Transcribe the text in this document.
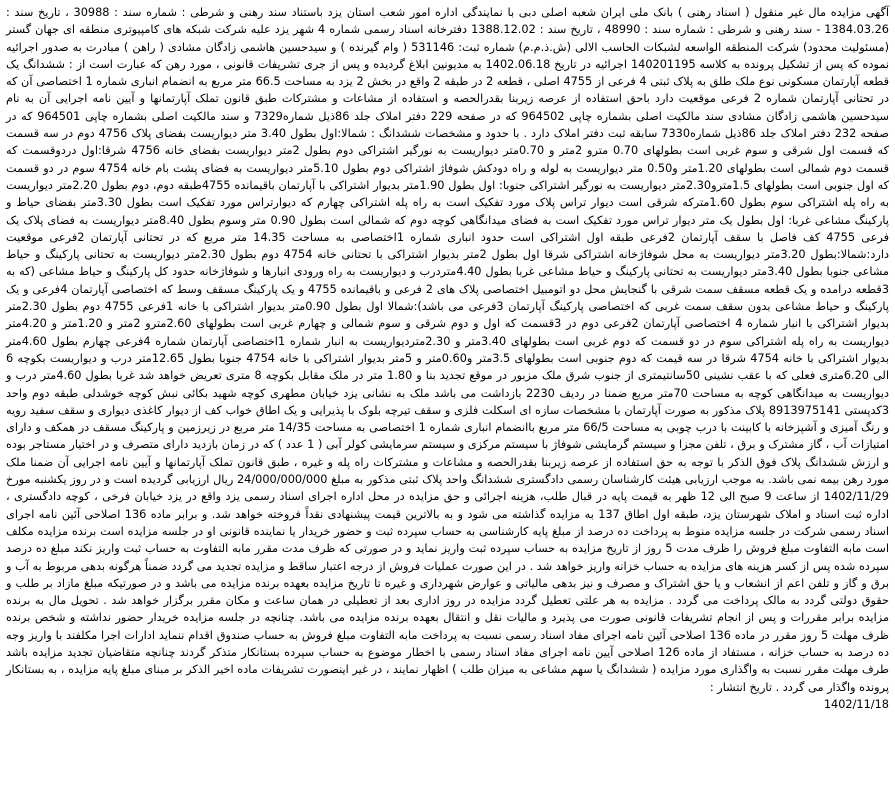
آگهی مزایده مال غیر منقول ( اسناد رهنی ) بانک ملی ایران شعبه اصلی دبی با نمایندگی اداره امور شعب استان یزد باستناد سند رهنی و شرطی : شماره سند : 30988 ، تاریخ سند : 1384.03.26 - سند رهنی و شرطی : شماره سند : 48990 ، تاریخ سند : 1388.12.02 دفترخانه اسناد رسمی شماره 4 شهر یزد علیه شرکت شبکه های کامپیوتری منطقه ای جهان گستر (مسئولیت محدود) شرکت المنطقه الواسعه لشبکات الحاسب الالی (ش.ذ.م.م) شماره ثبت: 531146 ( وام گیرنده ) و سیدحسین هاشمی زادگان مشادی ( راهن ) مبادرت به صدور اجرائیه نموده که پس از تشکیل پرونده به کلاسه 140201195 اجرائیه در تاریخ 1402.06.18 به مدیونین ابلاغ گردیده و پس از جری تشریفات قانونی ، مورد رهن که عبارت است از : ششدانگ یک قطعه آپارتمان مسکونی نوع ملک طلق به پلاک ثبتی 4 فرعی از 4755 اصلی ، قطعه 2 در طبقه 2 واقع در بخش 2 یزد به مساحت 66.5 متر مربع به انضمام انباری شماره 1 اختصاصی آن که در تحتانی آپارتمان شماره 2 فرعی موقعیت دارد باحق استفاده از عرصه زیربنا بقدرالحصه و استفاده از مشاعات و مشترکات طبق قانون تملک آپارتمانها و آیین نامه اجرایی آن به نام سیدحسین هاشمی زادگان مشادی سند مالکیت اصلی بشماره چاپی 964502 که در صفحه 229 دفتر املاک جلد 86ذیل شماره7329 و سند مالکیت اصلی بشماره چاپی 964501 که در صفحه 232 دفتر املاک جلد 86ذیل شماره7330 سابقه ثبت دفتر املاک دارد . با حدود و مشخصات ششدانگ : شمالا:اول بطول 3.40 متر دیواریست بفضای پلاک 4756 دوم در سه قسمت که قسمت اول شرقی و سوم غربی است بطولهای 0.70 مترو 2متر و 0.70متر دیواریست به نورگیر اشتراکی دوم بطول 2متر دیواریست بفضای خانه 4756 شرقا:اول دردوقسمت که قسمت دوم شمالی است بطولهای 1.20متر و0.50 متر دیواریست به لوله و راه دودکش شوفاژ اشتراکی دوم بطول 5.10متر دیواریست به فضای پشت بام خانه 4754 سوم در دو قسمت که اول جنوبی است بطولهای 1.5مترو2.30متر دیواریست به نورگیر اشتراکی جنوبا: اول بطول 1.90متر بدیوار اشتراکی با آپارتمان باقیمانده 4755طبقه دوم، دوم بطول 2.20متر دیواریست به راه پله اشتراکی سوم بطول 1.60مترکه شرقی است دیوار تراس پلاک مورد تفکیک است به راه پله اشتراکی چهارم که دیوارتراس مورد تفکیک است بطول 3.30متر بفضای حیاط و پارکینگ مشاعی غربا: اول بطول یک متر دیوار تراس مورد تفکیک است به فضای میدانگاهی کوچه دوم که شمالی است بطول 0.90 متر وسوم بطول 8.40متر دیواریست به فضای پلاک یک فرعی 4755 کف فاصل با سقف آپارتمان 2فرعی طبقه اول اشتراکی است حدود انباری شماره 1اختصاصی به مساحت 14.35 متر مربع که در تحتانی آپارتمان 2فرعی موقعیت دارد:شمالا:بطول 3.20متر دیواریست به محل شوفاژخانه اشتراکی شرقا اول بطول 2متر بدیوار اشتراکی با تحتانی خانه 4754 دوم بطول 2.30متر دیواریست به تحتانی پارکینگ و حیاط مشاعی جنوبا بطول 3.40متر دیواریست به تحتانی پارکینگ و حیاط مشاعی غربا بطول 4.40متردرب و دیواریست به راه ورودی انبارها و شوفاژخانه حدود کل پارکینگ و حیاط مشاعی (که به 3قطعه درامده و یک قطعه مسقف سمت شرقی با گنجایش محل دو اتومبیل اختصاصی پلاک های 2 فرعی و باقیمانده 4755 و یک پارکینگ مسقف وسط که اختصاصی آپارتمان 4فرعی و یک پارکینگ و حیاط مشاعی بدون سقف سمت غربی که اختصاصی پارکینگ آپارتمان 3فرعی می باشد):شمالا اول بطول 0.90متر بدیوار اشتراکی با خانه 1فرعی 4755 دوم بطول 2.30متر بدیوار اشتراکی با انبار شماره 4 اختصاصی آپارتمان 2فرعی دوم در 3قسمت که اول و دوم شرقی و سوم شمالی و چهارم غربی است بطولهای 2.60مترو 2متر و 1.20متر و 4.20متر دیواریست به راه پله اشتراکی سوم در دو قسمت که دوم غربی است بطولهای 3.40متر و 2.30متردیواریست به انبار شماره 1اختصاصی آپارتمان شماره 4فرعی چهارم بطول 4.60متر بدیوار اشتراکی با خانه 4754 شرقا در سه قیمت که دوم جنوبی است بطولهای 3.5متر و0.60متر و 5متر بدیوار اشتراکی با خانه 4754 جنوبا بطول 12.65متر درب و دیواریست بکوچه 6 الی 6.20متری فعلی که با عقب نشینی 50سانتیمتری از جنوب شرق ملک مزبور در موقع تجدید بنا و 1.80 متر در ملک مقابل بکوچه 8 متری تعریض خواهد شد غربا بطول 4.60متر درب و دیواریست به میدانگاهی کوچه به مساحت 70متر مربع ضمنا در ردیف 2230 بازداشت می باشد ملک به نشانی یزد خیابان مطهری کوچه شهید بکائی نبش کوچه خوشدلی طبقه دوم واحد 3کدپستی 8913975141 پلاک مذکور به صورت آپارتمان با مشخصات سازه ای اسکلت فلزی و سقف تیرچه بلوک با پذیرایی و یک اطاق خواب کف از دیوار کاغذی دیواری و سقف سفید رویه و رنگ آمیزی و آشپزخانه با کابینت با درب چوبی به مساحت 66/5 متر مربع باانضمام انباری شماره 1 اختصاصی به مساحت 14/35 متر مربع در زیرزمین و پارکینگ مسقف در همکف و دارای امتیازات آب ، گاز مشترک و برق ، تلفن مجزا و سیستم گرمایشی شوفاژ با سیستم مرکزی و سیستم سرمایشی کولر آبی ( 1 عدد ) که در زمان بازدید دارای متصرف و در اختیار مستاجر بوده و ارزش ششدانگ پلاک فوق الذکر با توجه به حق استفاده از عرصه زیربنا بقدرالحصه و مشاعات و مشترکات راه پله و غیره ، طبق قانون تملک آپارتمانها و آیین نامه اجرایی آن ضمنا ملک مورد رهن بیمه نمی باشد. به موجب ارزیابی هیئت کارشناسان رسمی دادگستری ششدانگ واحد پلاک ثبتی مذکور به مبلغ 24/000/000/000 ریال ارزیابی گردیده است و در روز یکشنبه مورخ 1402/11/29 از ساعت 9 صبح الی 12 ظهر به قیمت پایه در قبال طلب، هزینه اجرائی و حق مزایده در محل اداره اجرای اسناد رسمی یزد واقع در یزد خیابان فرخی ، کوچه دادگستری ، اداره ثبت اسناد و املاک شهرستان یزد، طبقه اول اطاق 137 به مزایده گذاشته می شود و به بالاترین قیمت پیشنهادی نقداً فروخته خواهد شد. و برابر ماده 136 اصلاحی آئین نامه اجرای اسناد رسمی شرکت در جلسه مزایده منوط به پرداخت ده درصد از مبلغ پایه کارشناسی به حساب سپرده ثبت و حضور خریدار یا نماینده قانونی او در جلسه مزایده است برنده مزایده مکلف است مابه التفاوت مبلغ فروش را ظرف مدت 5 روز از تاریخ مزایده به حساب سپرده ثبت واریز نماید و در صورتی که ظرف مدت مقرر مابه التفاوت به حساب ثبت واریز نکند مبلغ ده درصد سپرده شده پس از کسر هزینه های مزایده به حساب خزانه واریز خواهد شد . در این صورت عملیات فروش از درجه اعتبار ساقط و مزایده تجدید می گردد ضمناً هرگونه بدهی مربوط به آب و برق و گاز و تلفن اعم از انشعاب و یا حق اشتراک و مصرف و نیز بدهی مالیاتی و عوارض شهرداری و غیره تا تاریخ مزایده بعهده برنده مزایده می باشد و در صورتیکه مبلغ مازاد بر طلب و حقوق دولتی گردد به مالک پرداخت می گردد . مزایده به هر علتی تعطیل گردد مزایده در روز اداری بعد از تعطیلی در همان ساعت و مکان مقرر برگزار خواهد شد . تحویل مال به برنده مزایده برابر مقررات و پس از انجام تشریفات قانونی صورت می پذیرد و مالیات نقل و انتقال بعهده برنده مزایده می باشد. چنانچه در جلسه مزایده خریدار حضور نداشته و شخص برنده ظرف مهلت 5 روز مقرر در ماده 136 اصلاحی آئین نامه اجرای مفاد اسناد رسمی نسبت به پرداخت مابه التفاوت مبلغ فروش به حساب صندوق اقدام ننماید ادارات اجرا مکلفند با واریز وجه ده درصد به حساب خزانه ، مستفاد از ماده 126 اصلاحی آیین نامه اجرای مفاد اسناد رسمی با اخطار موضوع به حساب سپرده بستانکار متذکر گردند چنانچه متقاضیان تجدید مزایده باشد طرف مهلت مقرر نسبت به واگذاری مورد مزایده ( ششدانگ یا سهم مشاعی به میزان طلب ) اظهار نمایند ، در غیر اینصورت تشریفات ماده اخیر الذکر بر مبنای مبلغ پایه مزایده ، به بستانکار پرونده واگذار می گردد . تاریخ انتشار :

1402/11/18
